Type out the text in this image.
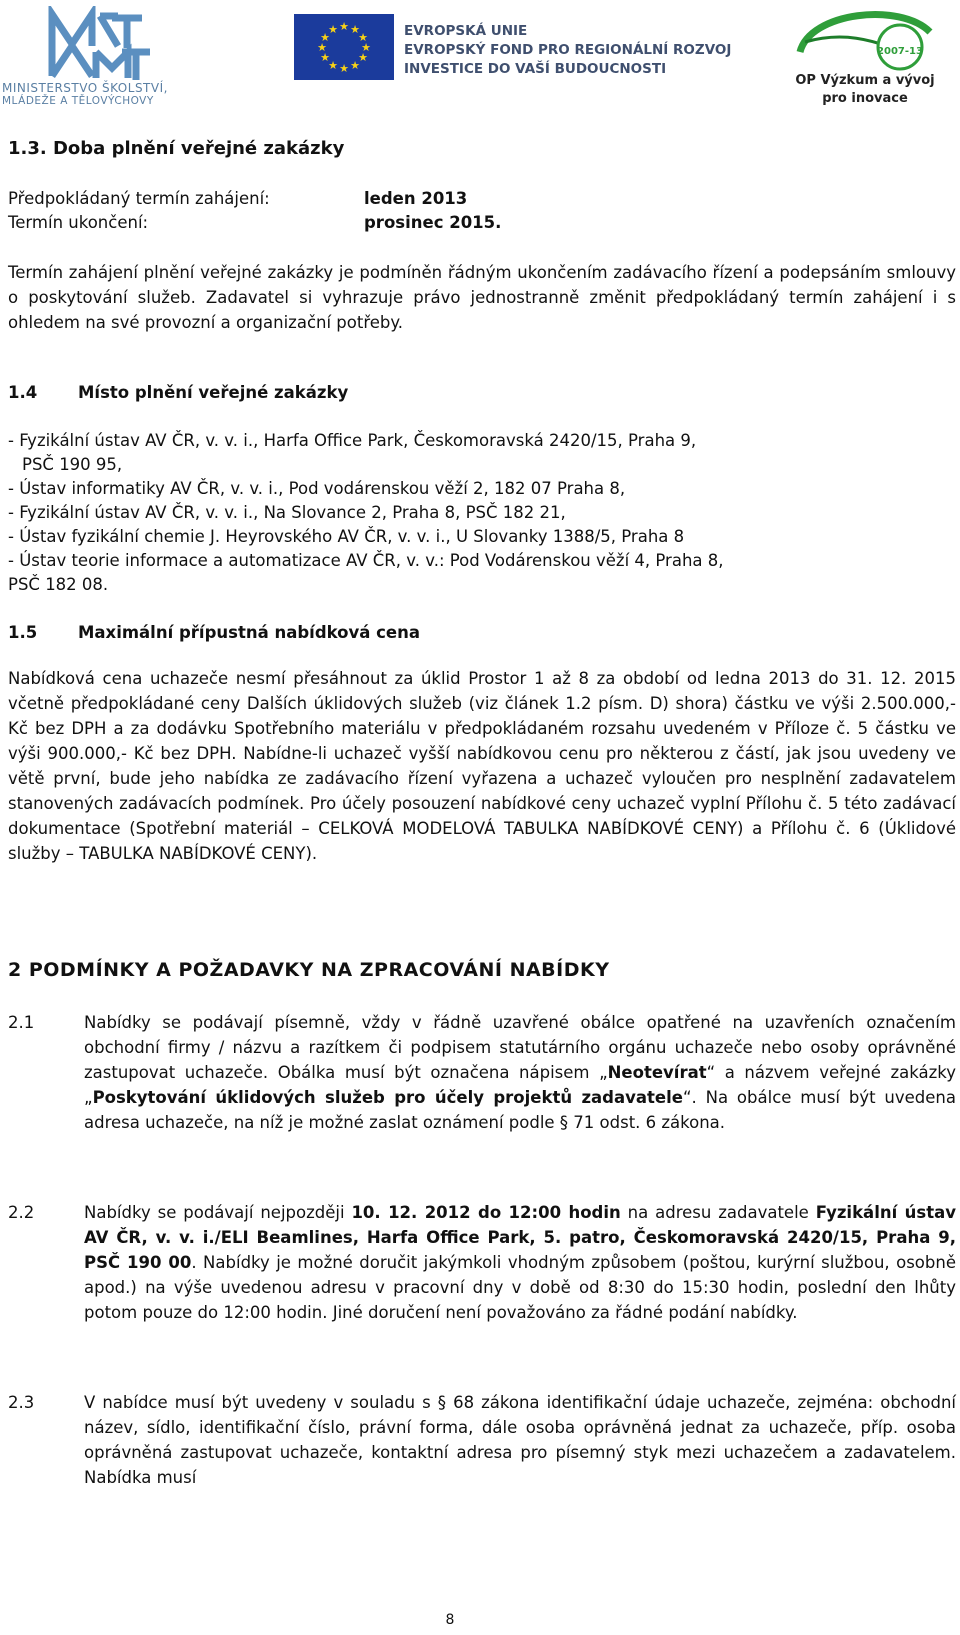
MINISTERSTVO ŠKOLSTVÍ,
MLÁDEŽE A TĚLOVÝCHOVY
★ ★
★
★
★
★
★
★
★
★
★
★	EVROPSKÁ UNIE
EVROPSKÝ FOND PRO REGIONÁLNÍ ROZVOJ
INVESTICE DO VAŠÍ BUDOUCNOSTI
2007-13
OP Výzkum a vývoj
pro inovace
1.3. Doba plnění veřejné zakázky
Předpokládaný termín zahájení:	leden 2013
Termín ukončení:	prosinec 2015.

Termín zahájení plnění veřejné zakázky je podmíněn řádným ukončením zadávacího řízení a podepsáním smlouvy o poskytování služeb. Zadavatel si vyhrazuje právo jednostranně změnit předpokládaný termín zahájení i s ohledem na své provozní a organizační potřeby.

1.4 Místo plnění veřejné zakázky
- Fyzikální ústav AV ČR, v. v. i., Harfa Office Park, Českomoravská 2420/15, Praha 9,
PSČ 190 95,
- Ústav informatiky AV ČR, v. v. i., Pod vodárenskou věží 2, 182 07 Praha 8,
- Fyzikální ústav AV ČR, v. v. i., Na Slovance 2, Praha 8, PSČ 182 21,
- Ústav fyzikální chemie J. Heyrovského AV ČR, v. v. i., U Slovanky 1388/5, Praha 8
- Ústav teorie informace a automatizace AV ČR, v. v.: Pod Vodárenskou věží 4, Praha 8,
PSČ 182 08.
1.5 Maximální přípustná nabídková cena

Nabídková cena uchazeče nesmí přesáhnout za úklid Prostor 1 až 8 za období od ledna 2013 do 31. 12. 2015 včetně předpokládané ceny Dalších úklidových služeb (viz článek 1.2 písm. D) shora) částku ve výši 2.500.000,- Kč bez DPH a za dodávku Spotřebního materiálu v předpokládaném rozsahu uvedeném v Příloze č. 5 částku ve výši 900.000,- Kč bez DPH. Nabídne-li uchazeč vyšší nabídkovou cenu pro některou z částí, jak jsou uvedeny ve větě první, bude jeho nabídka ze zadávacího řízení vyřazena a uchazeč vyloučen pro nesplnění zadavatelem stanovených zadávacích podmínek. Pro účely posouzení nabídkové ceny uchazeč vyplní Přílohu č. 5 této zadávací dokumentace (Spotřební materiál – CELKOVÁ MODELOVÁ TABULKA NABÍDKOVÉ CENY) a Přílohu č. 6 (Úklidové služby – TABULKA NABÍDKOVÉ CENY).

2 PODMÍNKY A POŽADAVKY NA ZPRACOVÁNÍ NABÍDKY
2.1	Nabídky se podávají písemně, vždy v řádně uzavřené obálce opatřené na uzavřeních označením obchodní firmy / názvu a razítkem či podpisem statutárního orgánu uchazeče nebo osoby oprávněné zastupovat uchazeče. Obálka musí být označena nápisem „Neotevírat“ a názvem veřejné zakázky „Poskytování úklidových služeb pro účely projektů zadavatele“. Na obálce musí být uvedena adresa uchazeče, na níž je možné zaslat oznámení podle § 71 odst. 6 zákona.

2.2	Nabídky se podávají nejpozději 10. 12. 2012 do 12:00 hodin na adresu zadavatele Fyzikální ústav AV ČR, v. v. i./ELI Beamlines, Harfa Office Park, 5. patro, Českomoravská 2420/15, Praha 9, PSČ 190 00. Nabídky je možné doručit jakýmkoli vhodným způsobem (poštou, kurýrní službou, osobně apod.) na výše uvedenou adresu v pracovní dny v době od 8:30 do 15:30 hodin, poslední den lhůty potom pouze do 12:00 hodin. Jiné doručení není považováno za řádné podání nabídky.

2.3	V nabídce musí být uvedeny v souladu s § 68 zákona identifikační údaje uchazeče, zejména: obchodní název, sídlo, identifikační číslo, právní forma, dále osoba oprávněná jednat za uchazeče, příp. osoba oprávněná zastupovat uchazeče, kontaktní adresa pro písemný styk mezi uchazečem a zadavatelem. Nabídka musí

8
